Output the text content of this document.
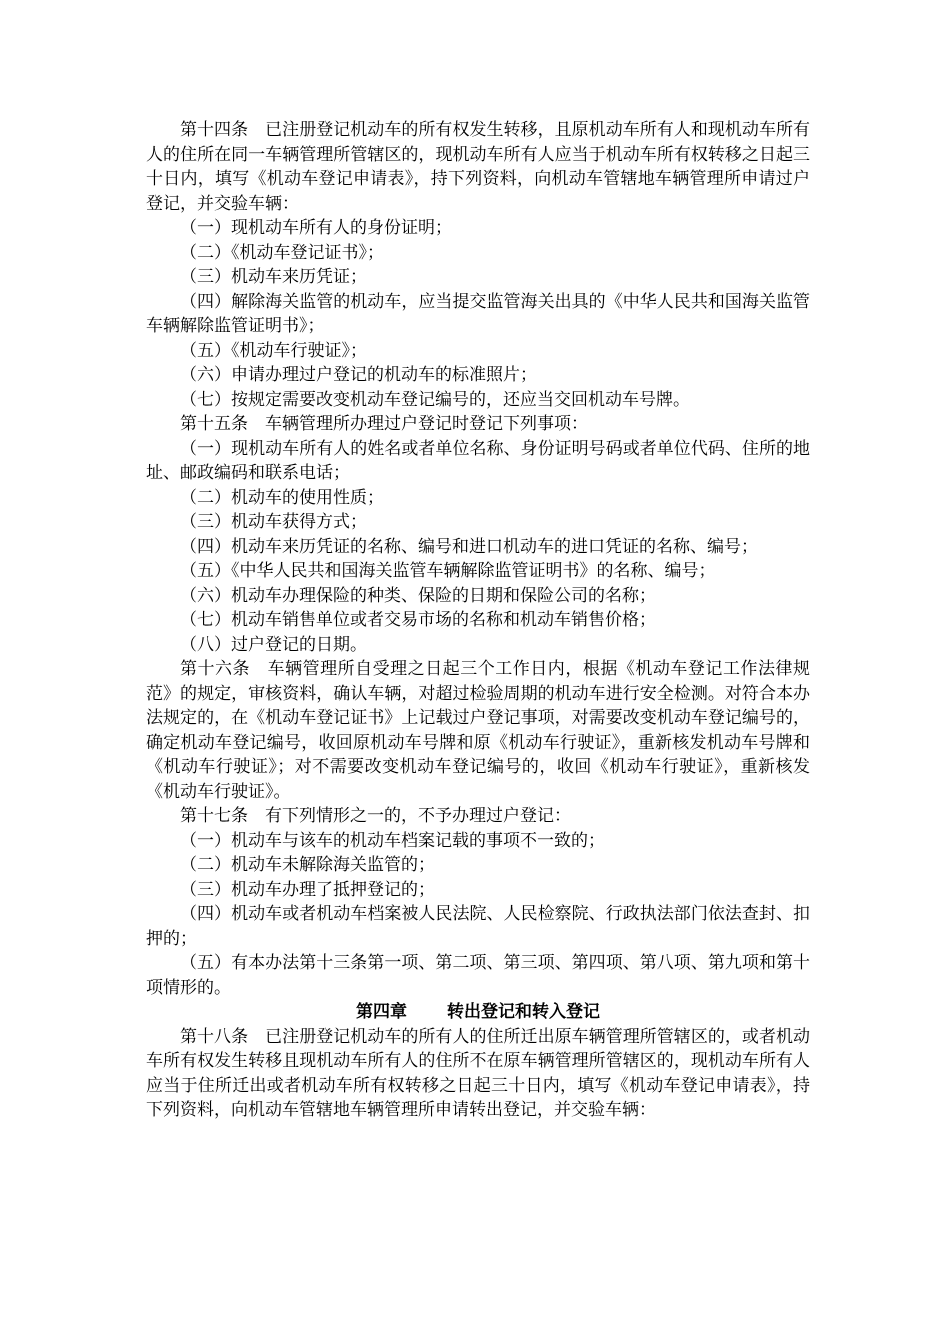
第十四条　已注册登记机动车的所有权发生转移，且原机动车所有人和现机动车所有人的住所在同一车辆管理所管辖区的，现机动车所有人应当于机动车所有权转移之日起三十日内，填写《机动车登记申请表》，持下列资料，向机动车管辖地车辆管理所申请过户登记，并交验车辆：

（一）现机动车所有人的身份证明；

（二）《机动车登记证书》；

（三）机动车来历凭证；

（四）解除海关监管的机动车，应当提交监管海关出具的《中华人民共和国海关监管车辆解除监管证明书》；

（五）《机动车行驶证》；

（六）申请办理过户登记的机动车的标准照片；

（七）按规定需要改变机动车登记编号的，还应当交回机动车号牌。

第十五条　车辆管理所办理过户登记时登记下列事项：

（一）现机动车所有人的姓名或者单位名称、身份证明号码或者单位代码、住所的地址、邮政编码和联系电话；

（二）机动车的使用性质；

（三）机动车获得方式；

（四）机动车来历凭证的名称、编号和进口机动车的进口凭证的名称、编号；

（五）《中华人民共和国海关监管车辆解除监管证明书》的名称、编号；

（六）机动车办理保险的种类、保险的日期和保险公司的名称；

（七）机动车销售单位或者交易市场的名称和机动车销售价格；

（八）过户登记的日期。

第十六条　车辆管理所自受理之日起三个工作日内，根据《机动车登记工作法律规范》的规定，审核资料，确认车辆，对超过检验周期的机动车进行安全检测。对符合本办法规定的，在《机动车登记证书》上记载过户登记事项，对需要改变机动车登记编号的，确定机动车登记编号，收回原机动车号牌和原《机动车行驶证》，重新核发机动车号牌和《机动车行驶证》；对不需要改变机动车登记编号的，收回《机动车行驶证》，重新核发《机动车行驶证》。

第十七条　有下列情形之一的，不予办理过户登记：

（一）机动车与该车的机动车档案记载的事项不一致的；

（二）机动车未解除海关监管的；

（三）机动车办理了抵押登记的；

（四）机动车或者机动车档案被人民法院、人民检察院、行政执法部门依法查封、扣押的；

（五）有本办法第十三条第一项、第二项、第三项、第四项、第八项、第九项和第十项情形的。

第四章 转出登记和转入登记

第十八条　已注册登记机动车的所有人的住所迁出原车辆管理所管辖区的，或者机动车所有权发生转移且现机动车所有人的住所不在原车辆管理所管辖区的，现机动车所有人应当于住所迁出或者机动车所有权转移之日起三十日内，填写《机动车登记申请表》，持下列资料，向机动车管辖地车辆管理所申请转出登记，并交验车辆：
